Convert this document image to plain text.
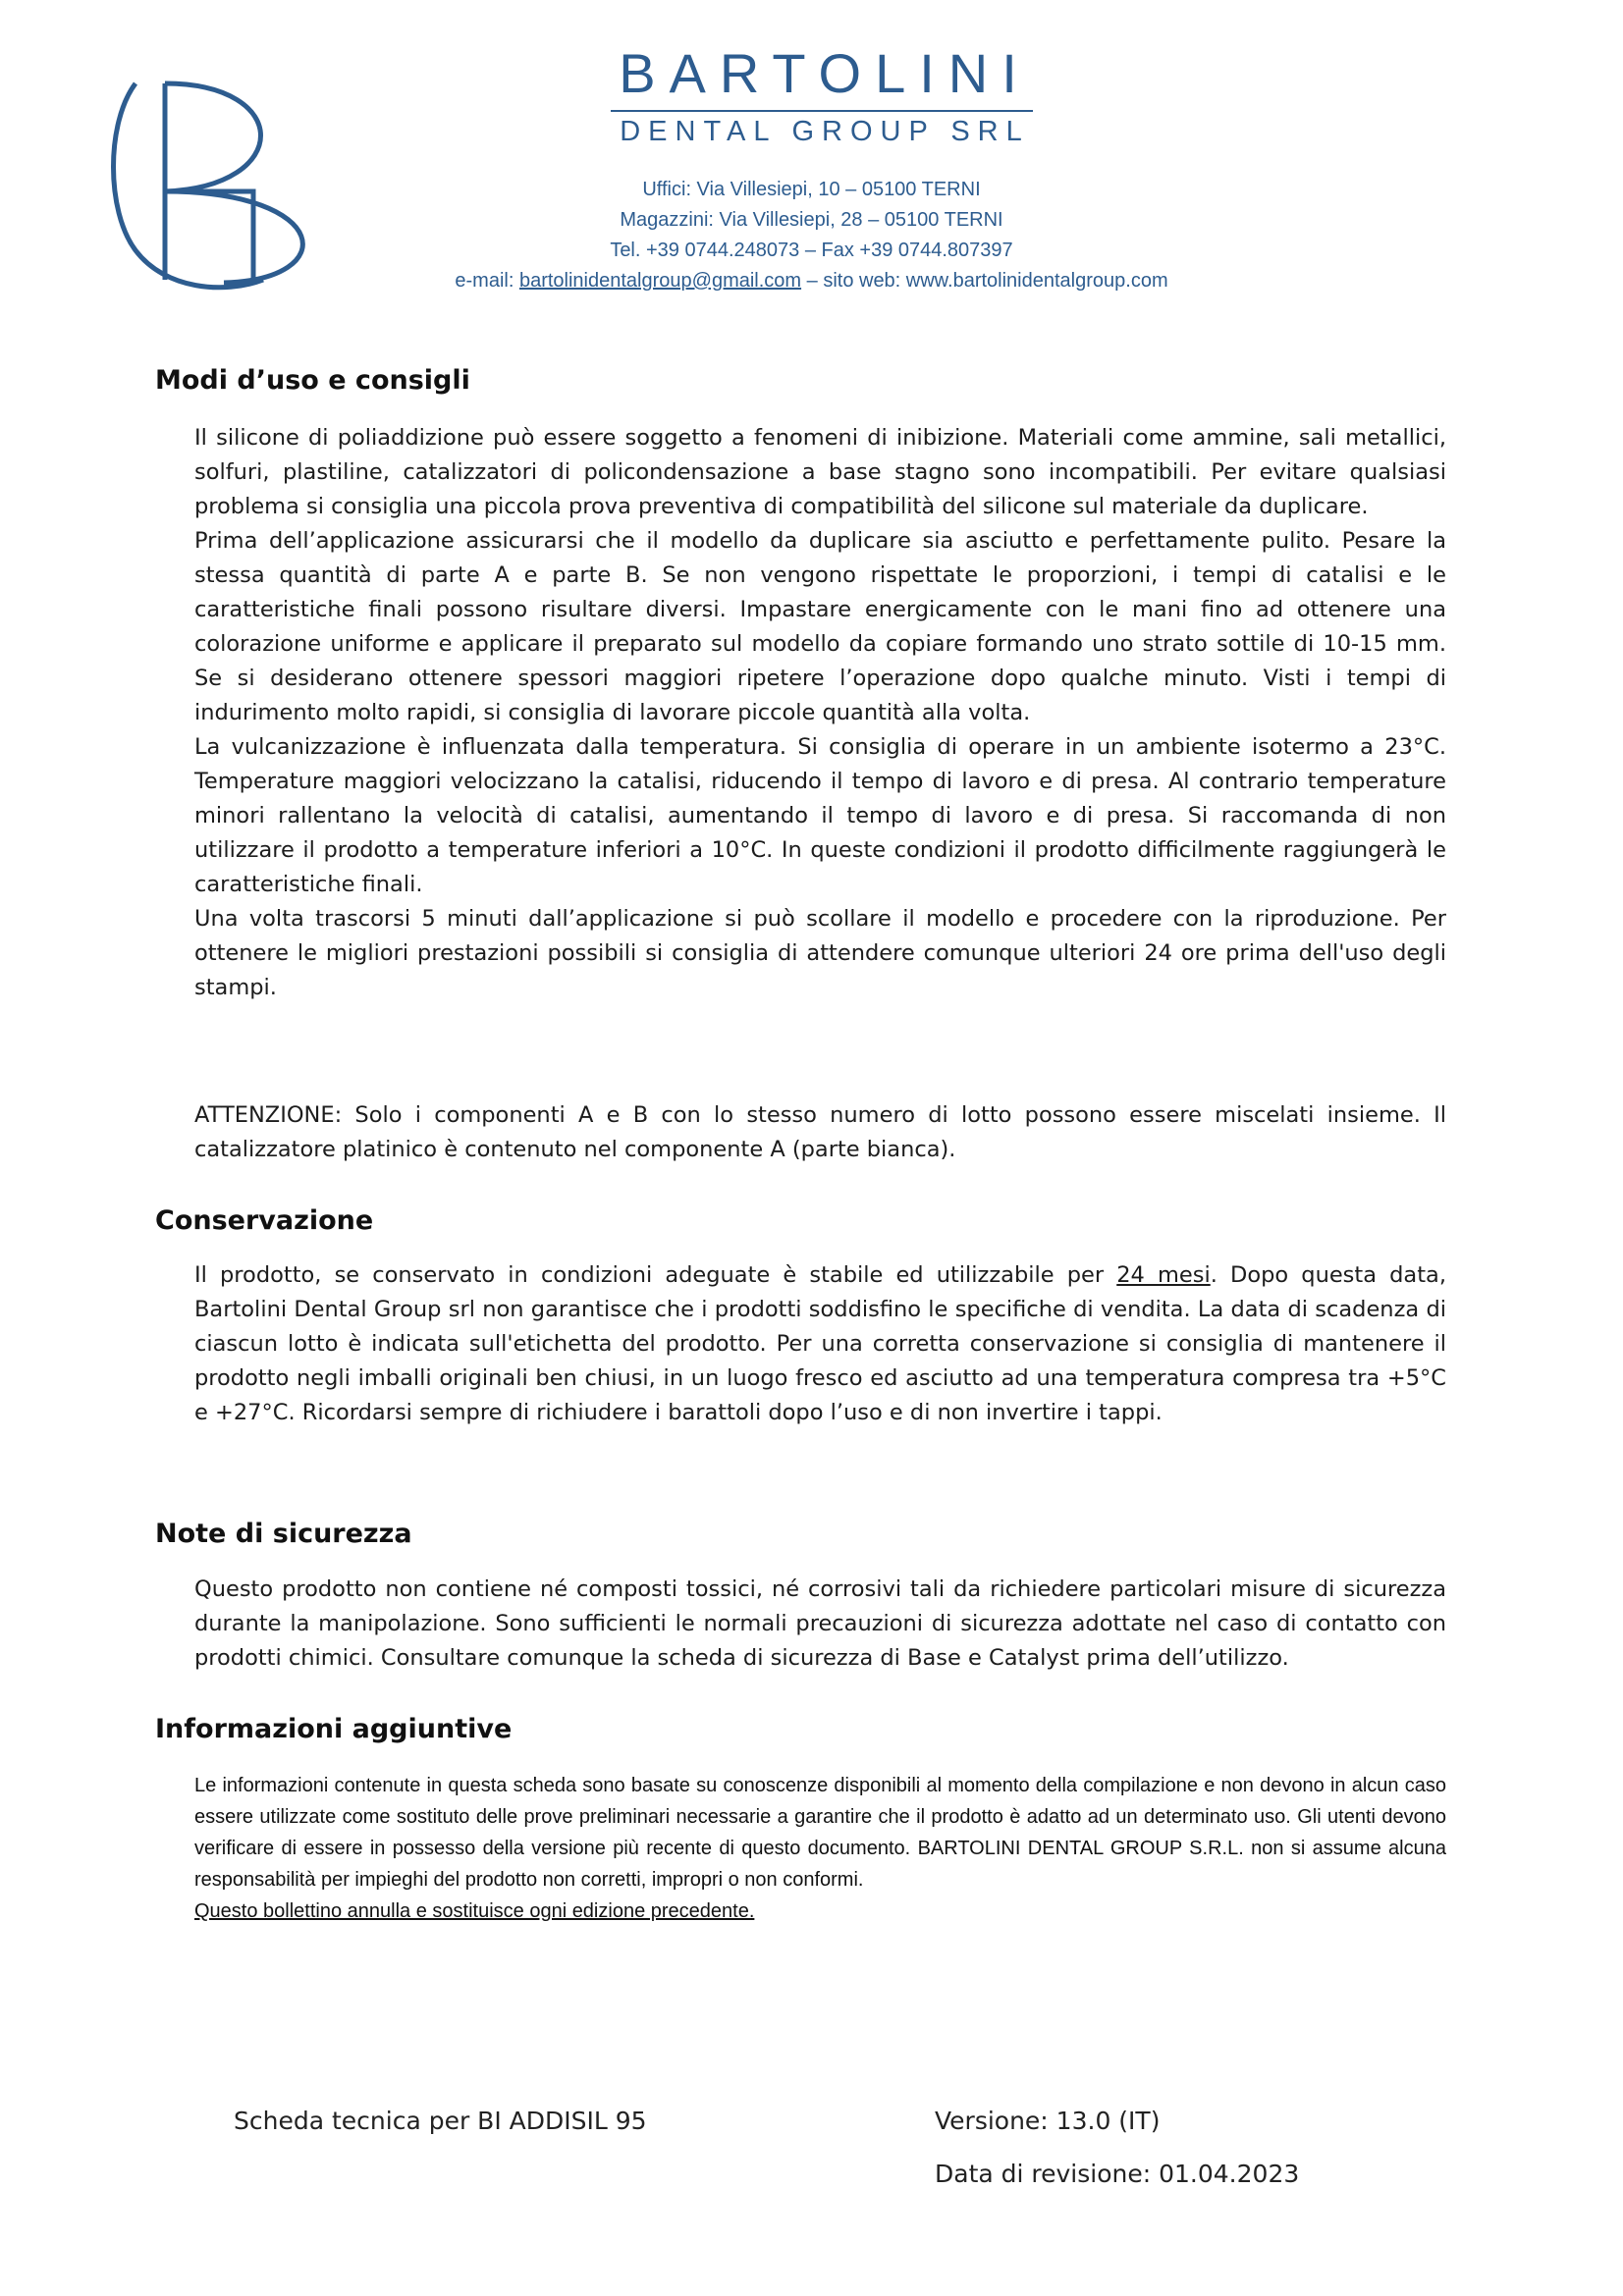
BARTOLINI
DENTAL GROUP SRL
Uffici: Via Villesiepi, 10 – 05100 TERNI
Magazzini: Via Villesiepi, 28 – 05100 TERNI
Tel. +39 0744.248073 – Fax +39 0744.807397
e-mail: bartolinidentalgroup@gmail.com – sito web: www.bartolinidentalgroup.com
Modi d’uso e consigli

Il silicone di poliaddizione può essere soggetto a fenomeni di inibizione. Materiali come ammine, sali metallici, solfuri, plastiline, catalizzatori di policondensazione a base stagno sono incompatibili. Per evitare qualsiasi problema si consiglia una piccola prova preventiva di compatibilità del silicone sul materiale da duplicare.

Prima dell’applicazione assicurarsi che il modello da duplicare sia asciutto e perfettamente pulito. Pesare la stessa quantità di parte A e parte B. Se non vengono rispettate le proporzioni, i tempi di catalisi e le caratteristiche finali possono risultare diversi. Impastare energicamente con le mani fino ad ottenere una colorazione uniforme e applicare il preparato sul modello da copiare formando uno strato sottile di 10-15 mm. Se si desiderano ottenere spessori maggiori ripetere l’operazione dopo qualche minuto. Visti i tempi di indurimento molto rapidi, si consiglia di lavorare piccole quantità alla volta.

La vulcanizzazione è influenzata dalla temperatura. Si consiglia di operare in un ambiente isotermo a 23°C. Temperature maggiori velocizzano la catalisi, riducendo il tempo di lavoro e di presa. Al contrario temperature minori rallentano la velocità di catalisi, aumentando il tempo di lavoro e di presa. Si raccomanda di non utilizzare il prodotto a temperature inferiori a 10°C. In queste condizioni il prodotto difficilmente raggiungerà le caratteristiche finali.

Una volta trascorsi 5 minuti dall’applicazione si può scollare il modello e procedere con la riproduzione. Per ottenere le migliori prestazioni possibili si consiglia di attendere comunque ulteriori 24 ore prima dell'uso degli stampi.

ATTENZIONE: Solo i componenti A e B con lo stesso numero di lotto possono essere miscelati insieme. Il catalizzatore platinico è contenuto nel componente A (parte bianca).
Conservazione
Il prodotto, se conservato in condizioni adeguate è stabile ed utilizzabile per 24 mesi. Dopo questa data, Bartolini Dental Group srl non garantisce che i prodotti soddisfino le specifiche di vendita. La data di scadenza di ciascun lotto è indicata sull'etichetta del prodotto. Per una corretta conservazione si consiglia di mantenere il prodotto negli imballi originali ben chiusi, in un luogo fresco ed asciutto ad una temperatura compresa tra +5°C e +27°C. Ricordarsi sempre di richiudere i barattoli dopo l’uso e di non invertire i tappi.
Note di sicurezza
Questo prodotto non contiene né composti tossici, né corrosivi tali da richiedere particolari misure di sicurezza durante la manipolazione. Sono sufficienti le normali precauzioni di sicurezza adottate nel caso di contatto con prodotti chimici. Consultare comunque la scheda di sicurezza di Base e Catalyst prima dell’utilizzo.
Informazioni aggiuntive

Le informazioni contenute in questa scheda sono basate su conoscenze disponibili al momento della compilazione e non devono in alcun caso essere utilizzate come sostituto delle prove preliminari necessarie a garantire che il prodotto è adatto ad un determinato uso. Gli utenti devono verificare di essere in possesso della versione più recente di questo documento. BARTOLINI DENTAL GROUP S.R.L. non si assume alcuna responsabilità per impieghi del prodotto non corretti, impropri o non conformi.

Questo bollettino annulla e sostituisce ogni edizione precedente.

Scheda tecnica per BI ADDISIL 95	Versione: 13.0 (IT)
Data di revisione: 01.04.2023
